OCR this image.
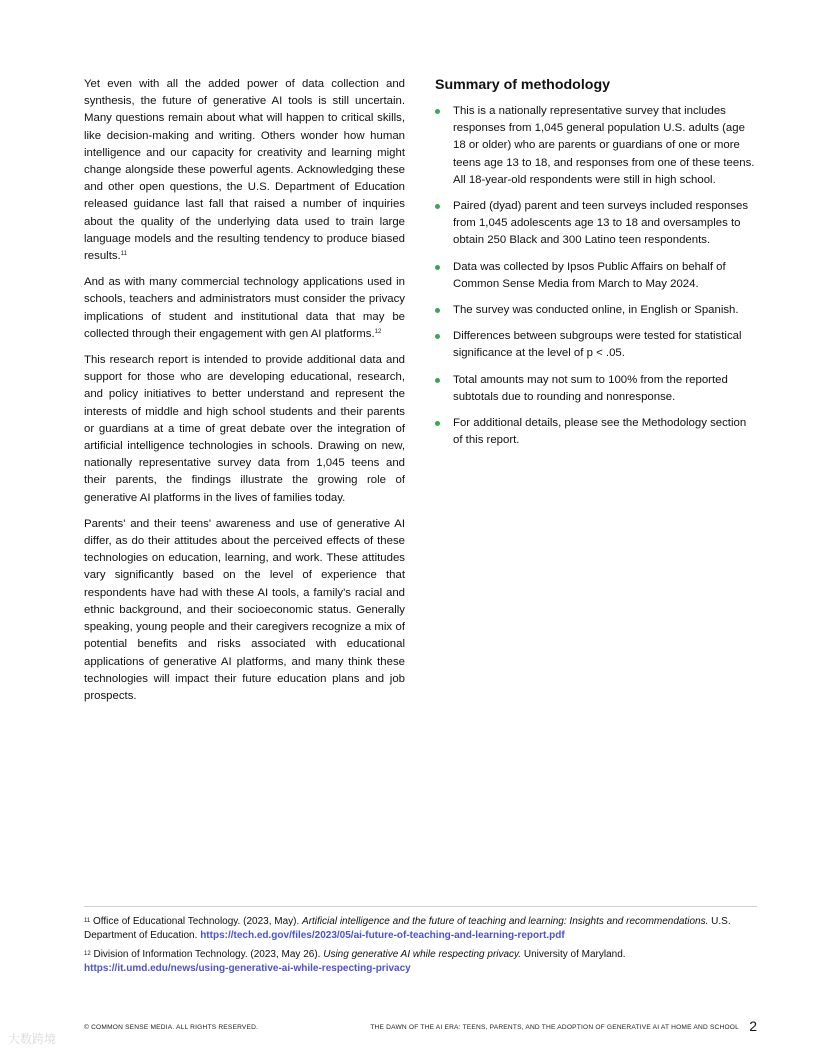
Yet even with all the added power of data collection and synthesis, the future of generative AI tools is still uncertain. Many questions remain about what will happen to critical skills, like decision-making and writing. Others wonder how human intelligence and our capacity for creativity and learning might change alongside these powerful agents. Acknowledging these and other open questions, the U.S. Department of Education released guidance last fall that raised a number of inquiries about the quality of the underlying data used to train large language models and the resulting tendency to produce biased results.$^{11}$

And as with many commercial technology applications used in schools, teachers and administrators must consider the privacy implications of student and institutional data that may be collected through their engagement with gen AI platforms.$^{12}$

This research report is intended to provide additional data and support for those who are developing educational, research, and policy initiatives to better understand and represent the interests of middle and high school students and their parents or guardians at a time of great debate over the integration of artificial intelligence technologies in schools. Drawing on new, nationally representative survey data from 1,045 teens and their parents, the findings illustrate the growing role of generative AI platforms in the lives of families today.

Parents' and their teens' awareness and use of generative AI differ, as do their attitudes about the perceived effects of these technologies on education, learning, and work. These attitudes vary significantly based on the level of experience that respondents have had with these AI tools, a family's racial and ethnic background, and their socioeconomic status. Generally speaking, young people and their caregivers recognize a mix of potential benefits and risks associated with educational applications of generative AI platforms, and many think these technologies will impact their future education plans and job prospects.

Summary of methodology
This is a nationally representative survey that includes responses from 1,045 general population U.S. adults (age 18 or older) who are parents or guardians of one or more teens age 13 to 18, and responses from one of these teens. All 18-year-old respondents were still in high school.
Paired (dyad) parent and teen surveys included responses from 1,045 adolescents age 13 to 18 and oversamples to obtain 250 Black and 300 Latino teen respondents.
Data was collected by Ipsos Public Affairs on behalf of Common Sense Media from March to May 2024.
The survey was conducted online, in English or Spanish.
Differences between subgroups were tested for statistical significance at the level of p < .05.
Total amounts may not sum to 100% from the reported subtotals due to rounding and nonresponse.
For additional details, please see the Methodology section of this report.

$^{11}$ Office of Educational Technology. (2023, May). Artificial intelligence and the future of teaching and learning: Insights and recommendations. U.S. Department of Education. https://tech.ed.gov/files/2023/05/ai-future-of-teaching-and-learning-report.pdf

$^{12}$ Division of Information Technology. (2023, May 26). Using generative AI while respecting privacy. University of Maryland. https://it.umd.edu/news/using-generative-ai-while-respecting-privacy

© COMMON SENSE MEDIA. ALL RIGHTS RESERVED.	THE DAWN OF THE AI ERA: TEENS, PARENTS, AND THE ADOPTION OF GENERATIVE AI AT HOME AND SCHOOL 2
大数跨境
